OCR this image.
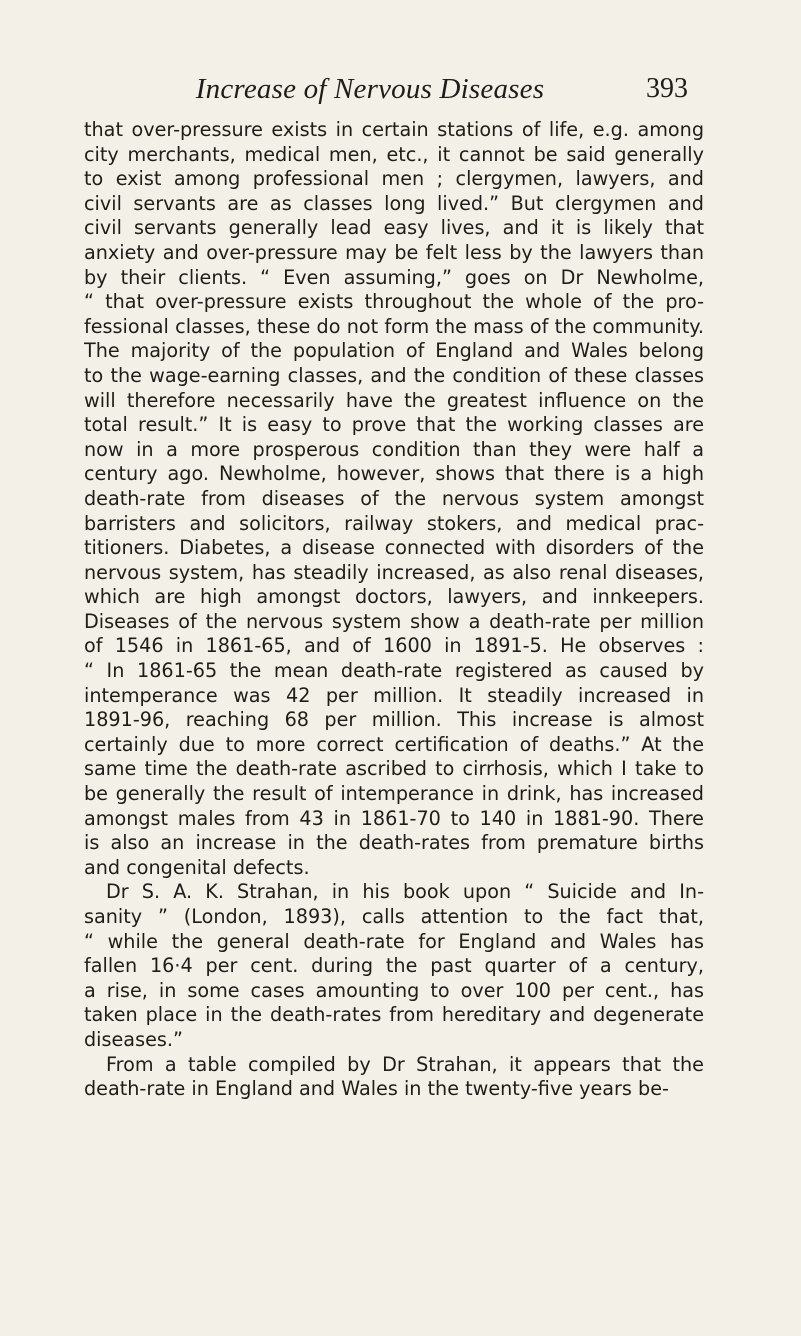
Increase of Nervous Diseases	393
that over-pressure exists in certain stations of life, e.g. among
city merchants, medical men, etc., it cannot be said generally
to exist among professional men ; clergymen, lawyers, and
civil servants are as classes long lived.” But clergymen and
civil servants generally lead easy lives, and it is likely that
anxiety and over-pressure may be felt less by the lawyers than
by their clients. “ Even assuming,” goes on Dr Newholme,
“ that over-pressure exists throughout the whole of the pro-
fessional classes, these do not form the mass of the community.
The majority of the population of England and Wales belong
to the wage-earning classes, and the condition of these classes
will therefore necessarily have the greatest influence on the
total result.” It is easy to prove that the working classes are
now in a more prosperous condition than they were half a
century ago. Newholme, however, shows that there is a high
death-rate from diseases of the nervous system amongst
barristers and solicitors, railway stokers, and medical prac-
titioners. Diabetes, a disease connected with disorders of the
nervous system, has steadily increased, as also renal diseases,
which are high amongst doctors, lawyers, and innkeepers.
Diseases of the nervous system show a death-rate per million
of 1546 in 1861-65, and of 1600 in 1891-5. He observes :
“ In 1861-65 the mean death-rate registered as caused by
intemperance was 42 per million. It steadily increased in
1891-96, reaching 68 per million. This increase is almost
certainly due to more correct certification of deaths.” At the
same time the death-rate ascribed to cirrhosis, which I take to
be generally the result of intemperance in drink, has increased
amongst males from 43 in 1861-70 to 140 in 1881-90. There
is also an increase in the death-rates from premature births
and congenital defects.
Dr S. A. K. Strahan, in his book upon “ Suicide and In-
sanity ” (London, 1893), calls attention to the fact that,
“ while the general death-rate for England and Wales has
fallen 16·4 per cent. during the past quarter of a century,
a rise, in some cases amounting to over 100 per cent., has
taken place in the death-rates from hereditary and degenerate
diseases.”
From a table compiled by Dr Strahan, it appears that the
death-rate in England and Wales in the twenty-five years be-
